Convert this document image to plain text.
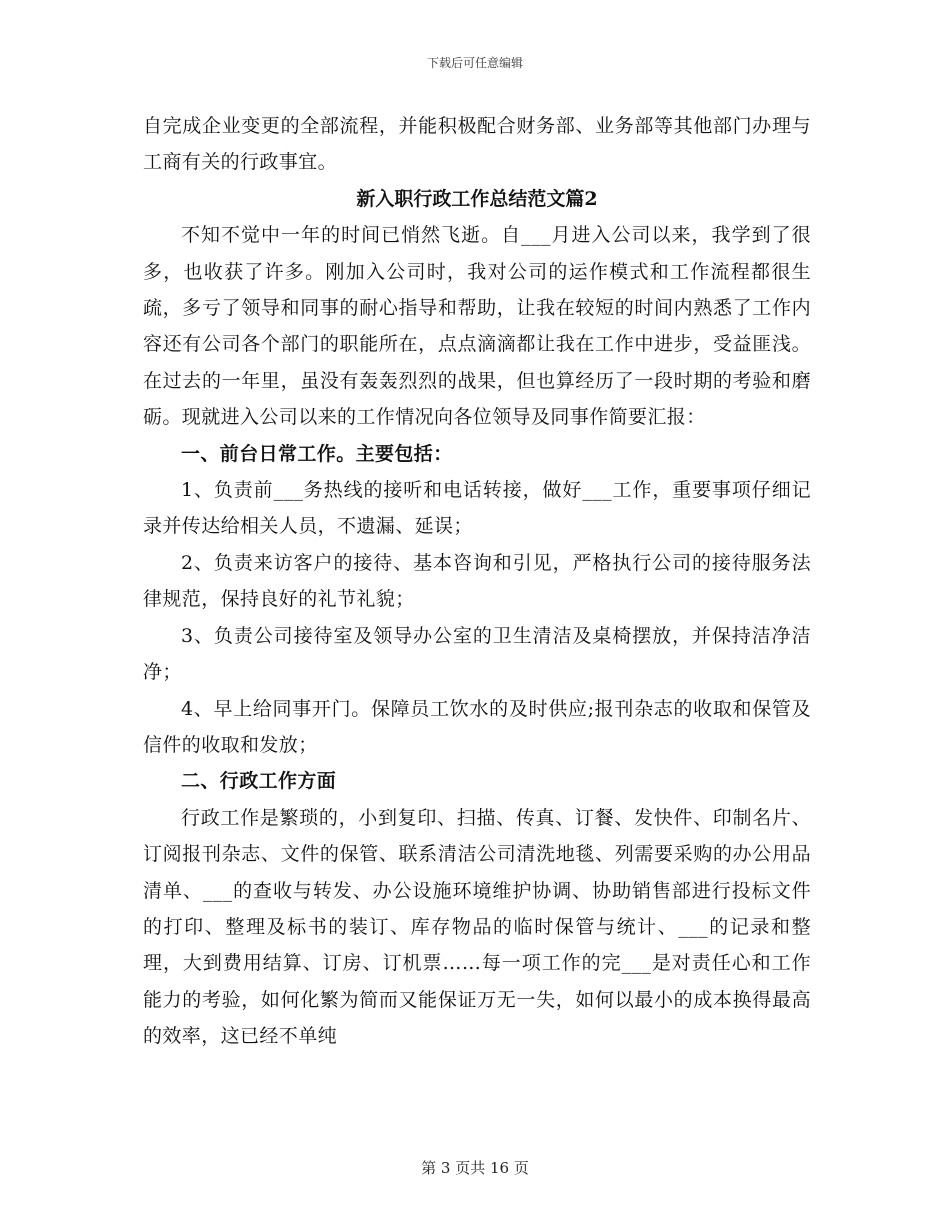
下载后可任意编辑

自完成企业变更的全部流程，并能积极配合财务部、业务部等其他部门办理与工商有关的行政事宜。

新入职行政工作总结范文篇2

不知不觉中一年的时间已悄然飞逝。自___月进入公司以来，我学到了很多，也收获了许多。刚加入公司时，我对公司的运作模式和工作流程都很生疏，多亏了领导和同事的耐心指导和帮助，让我在较短的时间内熟悉了工作内容还有公司各个部门的职能所在，点点滴滴都让我在工作中进步，受益匪浅。在过去的一年里，虽没有轰轰烈烈的战果，但也算经历了一段时期的考验和磨砺。现就进入公司以来的工作情况向各位领导及同事作简要汇报：

一、前台日常工作。主要包括：

1、负责前___务热线的接听和电话转接，做好___工作，重要事项仔细记录并传达给相关人员，不遗漏、延误；

2、负责来访客户的接待、基本咨询和引见，严格执行公司的接待服务法律规范，保持良好的礼节礼貌；

3、负责公司接待室及领导办公室的卫生清洁及桌椅摆放，并保持洁净洁净；

4、早上给同事开门。保障员工饮水的及时供应;报刊杂志的收取和保管及信件的收取和发放；

二、行政工作方面

行政工作是繁琐的，小到复印、扫描、传真、订餐、发快件、印制名片、订阅报刊杂志、文件的保管、联系清洁公司清洗地毯、列需要采购的办公用品清单、___的查收与转发、办公设施环境维护协调、协助销售部进行投标文件的打印、整理及标书的装订、库存物品的临时保管与统计、___的记录和整理，大到费用结算、订房、订机票……每一项工作的完___是对责任心和工作能力的考验，如何化繁为简而又能保证万无一失，如何以最小的成本换得最高的效率，这已经不单纯

第 3 页共 16 页
